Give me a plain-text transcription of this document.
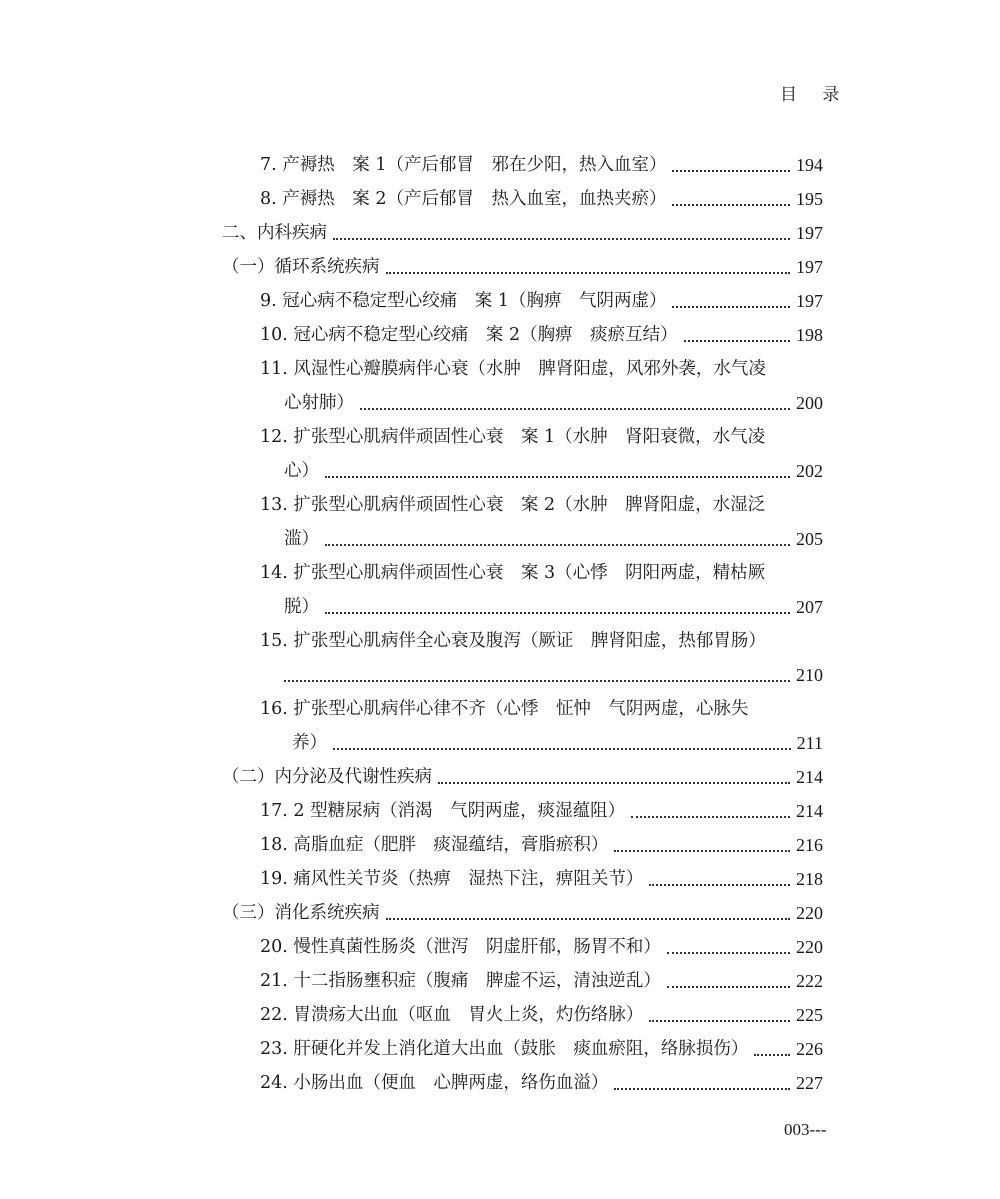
目 录
7. 产褥热　案 1（产后郁冒　邪在少阳，热入血室）	194
8. 产褥热　案 2（产后郁冒　热入血室，血热夹瘀）	195
二、内科疾病	197
（一）循环系统疾病	197
9. 冠心病不稳定型心绞痛　案 1（胸痹　气阴两虚）	197
10. 冠心病不稳定型心绞痛　案 2（胸痹　痰瘀互结）	198
11. 风湿性心瓣膜病伴心衰（水肿　脾肾阳虚，风邪外袭，水气凌
心射肺）	200
12. 扩张型心肌病伴顽固性心衰　案 1（水肿　肾阳衰微，水气凌
心）	202
13. 扩张型心肌病伴顽固性心衰　案 2（水肿　脾肾阳虚，水湿泛
滥）	205
14. 扩张型心肌病伴顽固性心衰　案 3（心悸　阴阳两虚，精枯厥
脱）	207
15. 扩张型心肌病伴全心衰及腹泻（厥证　脾肾阳虚，热郁胃肠）
210
16. 扩张型心肌病伴心律不齐（心悸　怔忡　气阴两虚，心脉失
养）	211
（二）内分泌及代谢性疾病	214
17. 2 型糖尿病（消渴　气阴两虚，痰湿蕴阻）	214
18. 高脂血症（肥胖　痰湿蕴结，膏脂瘀积）	216
19. 痛风性关节炎（热痹　湿热下注，痹阻关节）	218
（三）消化系统疾病	220
20. 慢性真菌性肠炎（泄泻　阴虚肝郁，肠胃不和）	220
21. 十二指肠壅积症（腹痛　脾虚不运，清浊逆乱）	222
22. 胃溃疡大出血（呕血　胃火上炎，灼伤络脉）	225
23. 肝硬化并发上消化道大出血（鼓胀　痰血瘀阻，络脉损伤）	226
24. 小肠出血（便血　心脾两虚，络伤血溢）	227
003---
